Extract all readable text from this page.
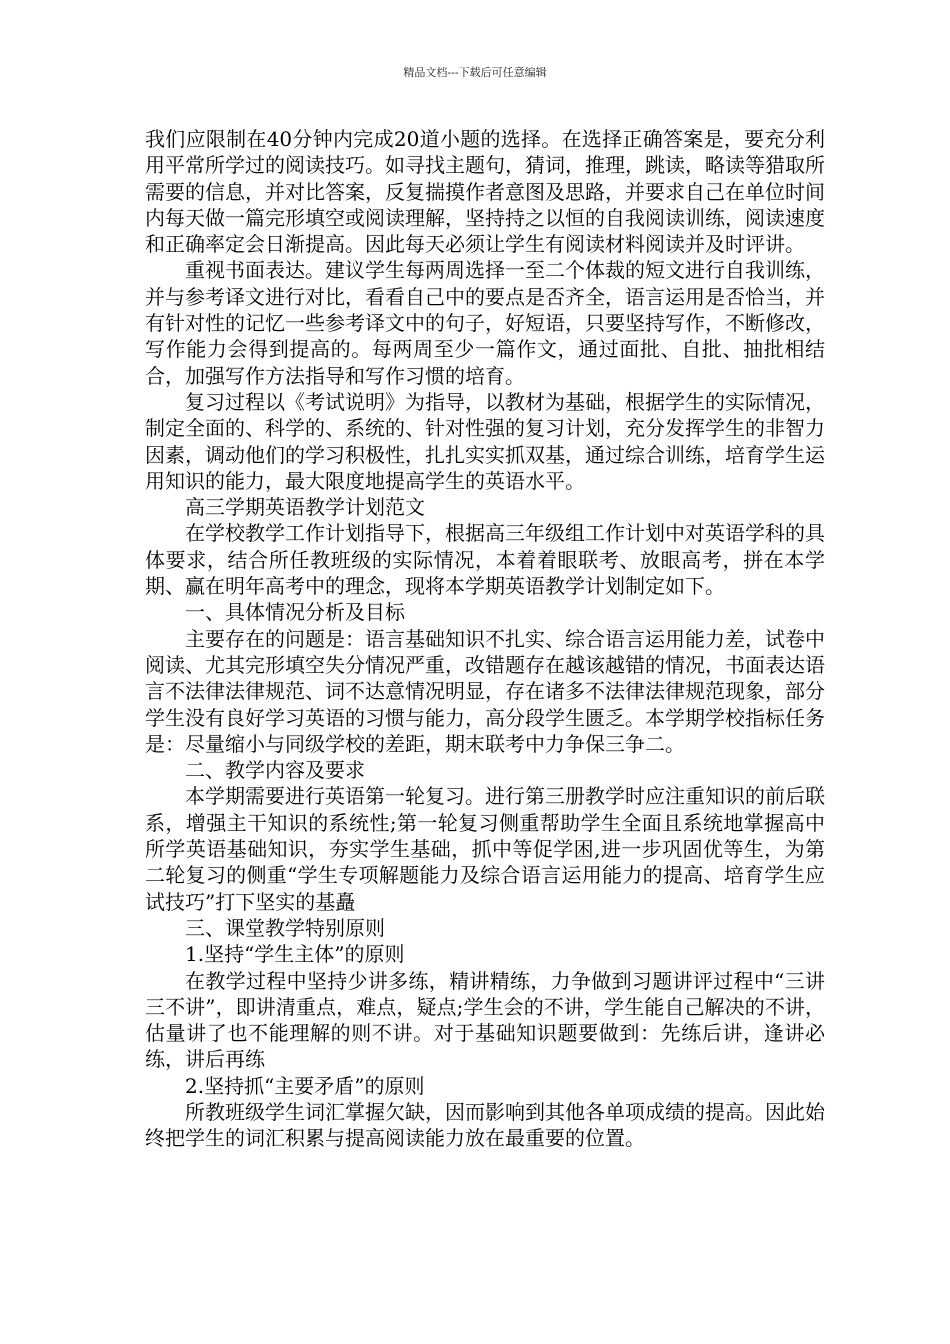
精品文档---下载后可任意编辑

我们应限制在40分钟内完成20道小题的选择。在选择正确答案是，要充分利用平常所学过的阅读技巧。如寻找主题句，猜词，推理，跳读，略读等猎取所需要的信息，并对比答案，反复揣摸作者意图及思路，并要求自己在单位时间内每天做一篇完形填空或阅读理解，坚持持之以恒的自我阅读训练，阅读速度和正确率定会日渐提高。因此每天必须让学生有阅读材料阅读并及时评讲。

重视书面表达。建议学生每两周选择一至二个体裁的短文进行自我训练，并与参考译文进行对比，看看自己中的要点是否齐全，语言运用是否恰当，并有针对性的记忆一些参考译文中的句子，好短语，只要坚持写作，不断修改，写作能力会得到提高的。每两周至少一篇作文，通过面批、自批、抽批相结合，加强写作方法指导和写作习惯的培育。

复习过程以《考试说明》为指导，以教材为基础，根据学生的实际情况，制定全面的、科学的、系统的、针对性强的复习计划，充分发挥学生的非智力因素，调动他们的学习积极性，扎扎实实抓双基，通过综合训练，培育学生运用知识的能力，最大限度地提高学生的英语水平。

高三学期英语教学计划范文

在学校教学工作计划指导下，根据高三年级组工作计划中对英语学科的具体要求，结合所任教班级的实际情况，本着着眼联考、放眼高考，拼在本学期、赢在明年高考中的理念，现将本学期英语教学计划制定如下。

一、具体情况分析及目标

主要存在的问题是：语言基础知识不扎实、综合语言运用能力差，试卷中阅读、尤其完形填空失分情况严重，改错题存在越该越错的情况，书面表达语言不法律法律规范、词不达意情况明显，存在诸多不法律法律规范现象，部分学生没有良好学习英语的习惯与能力，高分段学生匮乏。本学期学校指标任务是：尽量缩小与同级学校的差距，期末联考中力争保三争二。

二、教学内容及要求

本学期需要进行英语第一轮复习。进行第三册教学时应注重知识的前后联系，增强主干知识的系统性;第一轮复习侧重帮助学生全面且系统地掌握高中所学英语基础知识，夯实学生基础，抓中等促学困,进一步巩固优等生，为第二轮复习的侧重“学生专项解题能力及综合语言运用能力的提高、培育学生应试技巧”打下坚实的基矗

三、课堂教学特别原则

1.坚持“学生主体”的原则

在教学过程中坚持少讲多练，精讲精练，力争做到习题讲评过程中“三讲三不讲”，即讲清重点，难点，疑点;学生会的不讲，学生能自己解决的不讲，估量讲了也不能理解的则不讲。对于基础知识题要做到：先练后讲，逢讲必练，讲后再练

2.坚持抓“主要矛盾”的原则

所教班级学生词汇掌握欠缺，因而影响到其他各单项成绩的提高。因此始终把学生的词汇积累与提高阅读能力放在最重要的位置。
